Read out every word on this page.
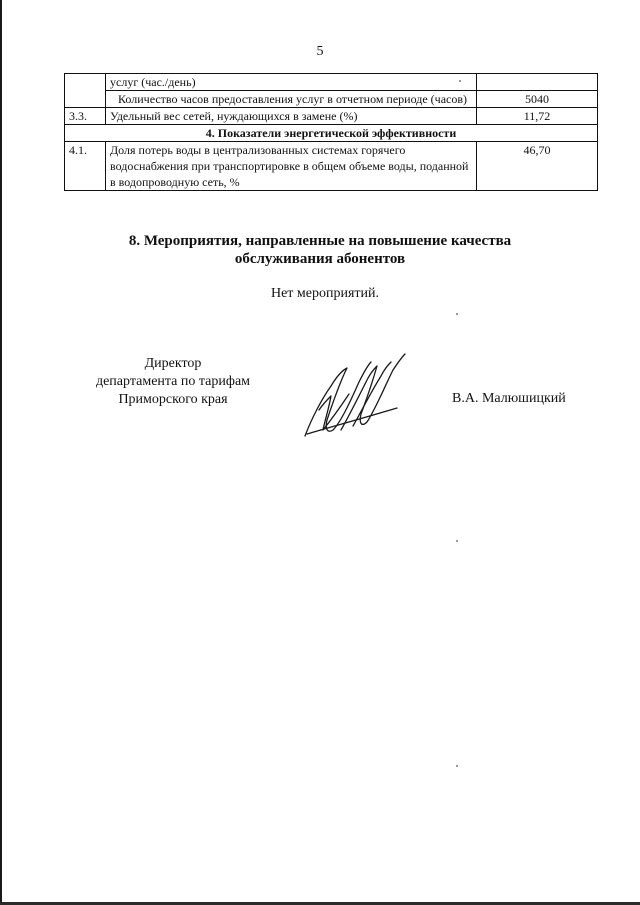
5
	услуг (час./день)	
	Количество часов предоставления услуг в отчетном периоде (часов)	5040
3.3.	Удельный вес сетей, нуждающихся в замене (%)	11,72
4. Показатели энергетической эффективности		
4.1.	Доля потерь воды в централизованных системах горячего водоснабжения при транспортировке в общем объеме воды, поданной в водопроводную сеть, %	46,70
8. Мероприятия, направленные на повышение качества
обслуживания абонентов
Нет мероприятий.
Директор
департамента по тарифам
Приморского края	В.А. Малюшицкий
